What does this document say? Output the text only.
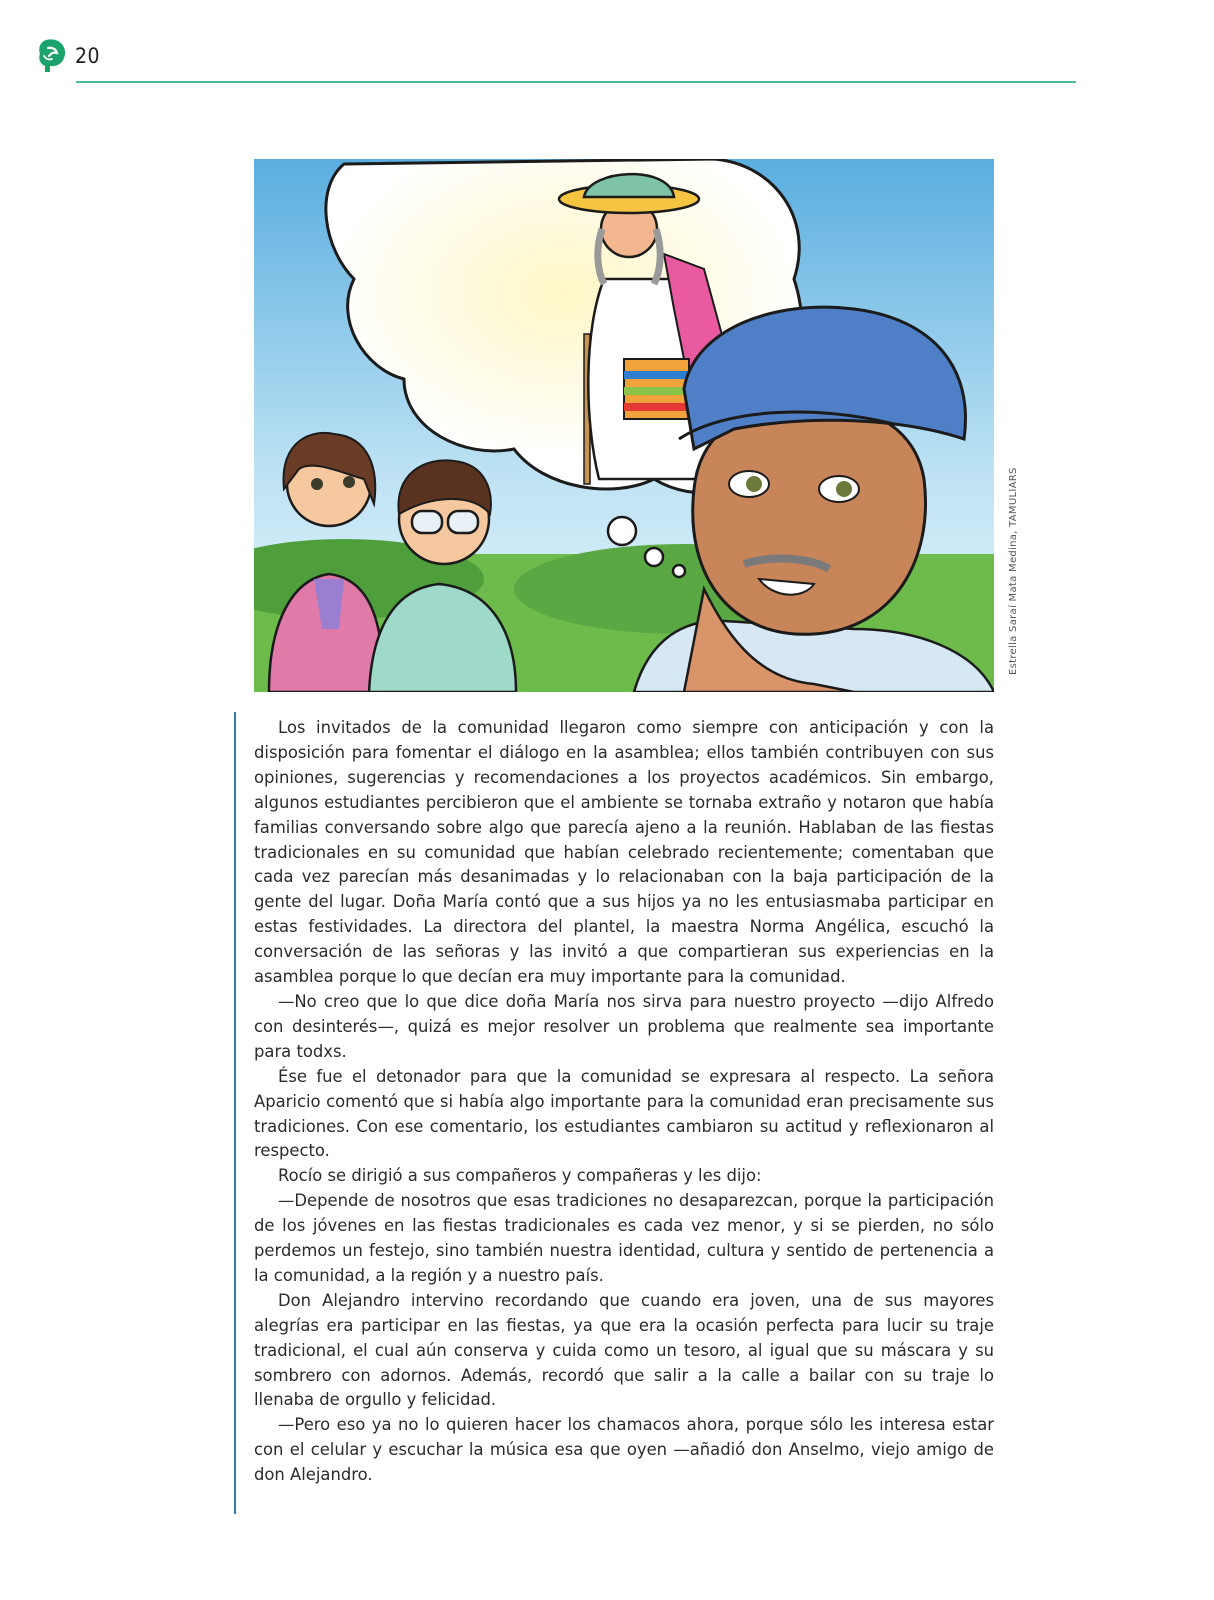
20
Estrella Saraí Mata Medina, TAMULIARS

Los invitados de la comunidad llegaron como siempre con anticipación y con la disposición para fomentar el diálogo en la asamblea; ellos también contribuyen con sus opiniones, sugerencias y recomendaciones a los proyectos académicos. Sin embargo, algunos estudiantes percibieron que el ambiente se tornaba extraño y notaron que había familias conversando sobre algo que parecía ajeno a la reunión. Hablaban de las fiestas tradicionales en su comunidad que habían celebrado recientemente; comentaban que cada vez parecían más desanimadas y lo relacionaban con la baja participación de la gente del lugar. Doña María contó que a sus hijos ya no les entusiasmaba participar en estas festividades. La directora del plantel, la maestra Norma Angélica, escuchó la conversación de las señoras y las invitó a que compartieran sus experiencias en la asamblea porque lo que decían era muy importante para la comunidad.

—No creo que lo que dice doña María nos sirva para nuestro proyecto —dijo Alfredo con desinterés—, quizá es mejor resolver un problema que realmente sea importante para todxs.

Ése fue el detonador para que la comunidad se expresara al respecto. La señora Aparicio comentó que si había algo importante para la comunidad eran precisamente sus tradiciones. Con ese comentario, los estudiantes cambiaron su actitud y reflexionaron al respecto.

Rocío se dirigió a sus compañeros y compañeras y les dijo:

—Depende de nosotros que esas tradiciones no desaparezcan, porque la participación de los jóvenes en las fiestas tradicionales es cada vez menor, y si se pierden, no sólo perdemos un festejo, sino también nuestra identidad, cultura y sentido de pertenencia a la comunidad, a la región y a nuestro país.

Don Alejandro intervino recordando que cuando era joven, una de sus mayores alegrías era participar en las fiestas, ya que era la ocasión perfecta para lucir su traje tradicional, el cual aún conserva y cuida como un tesoro, al igual que su máscara y su sombrero con adornos. Además, recordó que salir a la calle a bailar con su traje lo llenaba de orgullo y felicidad.

—Pero eso ya no lo quieren hacer los chamacos ahora, porque sólo les interesa estar con el celular y escuchar la música esa que oyen —añadió don Anselmo, viejo amigo de don Alejandro.
